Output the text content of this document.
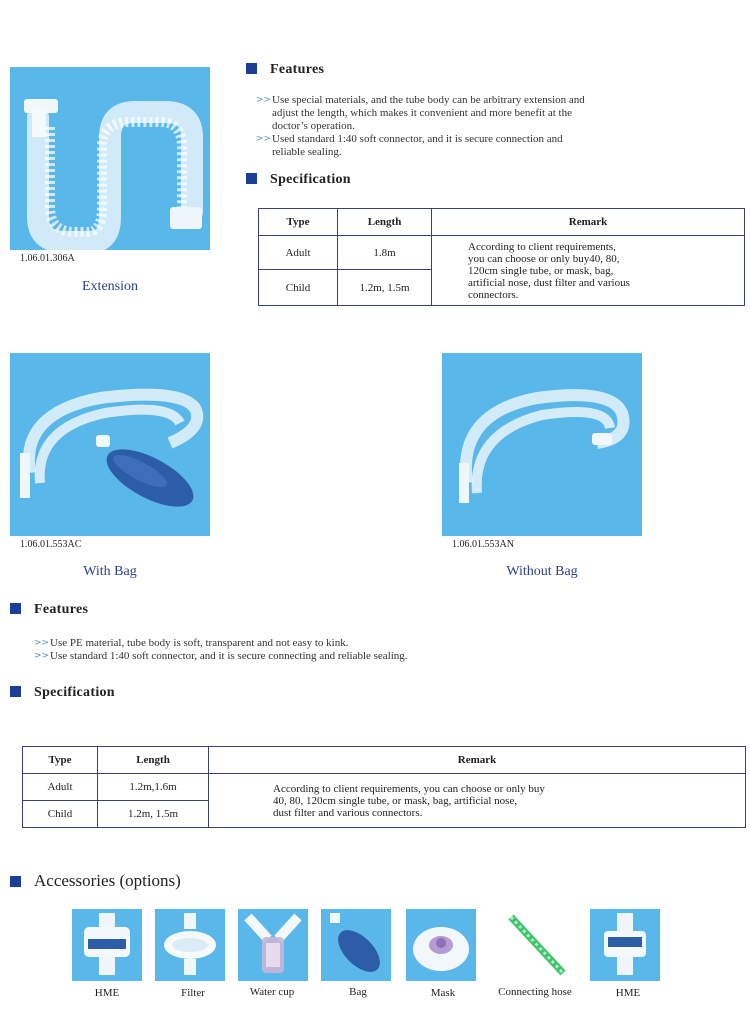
1.06.01.306A
Extension
Features
>> Use special materials, and the tube body can be arbitrary extension and
adjust the length, which makes it convenient and more benefit at the
doctor’s operation.
>> Used standard 1:40 soft connector, and it is secure connection and
reliable sealing.
Specification
Type	Length	Remark
Adult	1.8m	According to client requirements,
you can choose or only buy40, 80,
120cm single tube, or mask, bag,
artificial nose, dust filter and various
connectors.
Child	1.2m, 1.5m	
1.06.01.553AC
With Bag
1.06.01.553AN
Without Bag
Features
>> Use PE material, tube body is soft, transparent and not easy to kink.
>> Use standard 1:40 soft connector, and it is secure connecting and reliable sealing.
Specification
Type	Length	Remark
Adult	1.2m,1.6m	According to client requirements, you can choose or only buy
40, 80, 120cm single tube, or mask, bag, artificial nose,
dust filter and various connectors.
Child	1.2m, 1.5m	
Accessories (options)
HME	Filter	Water cup	Bag	Mask	Connecting hose	HME
